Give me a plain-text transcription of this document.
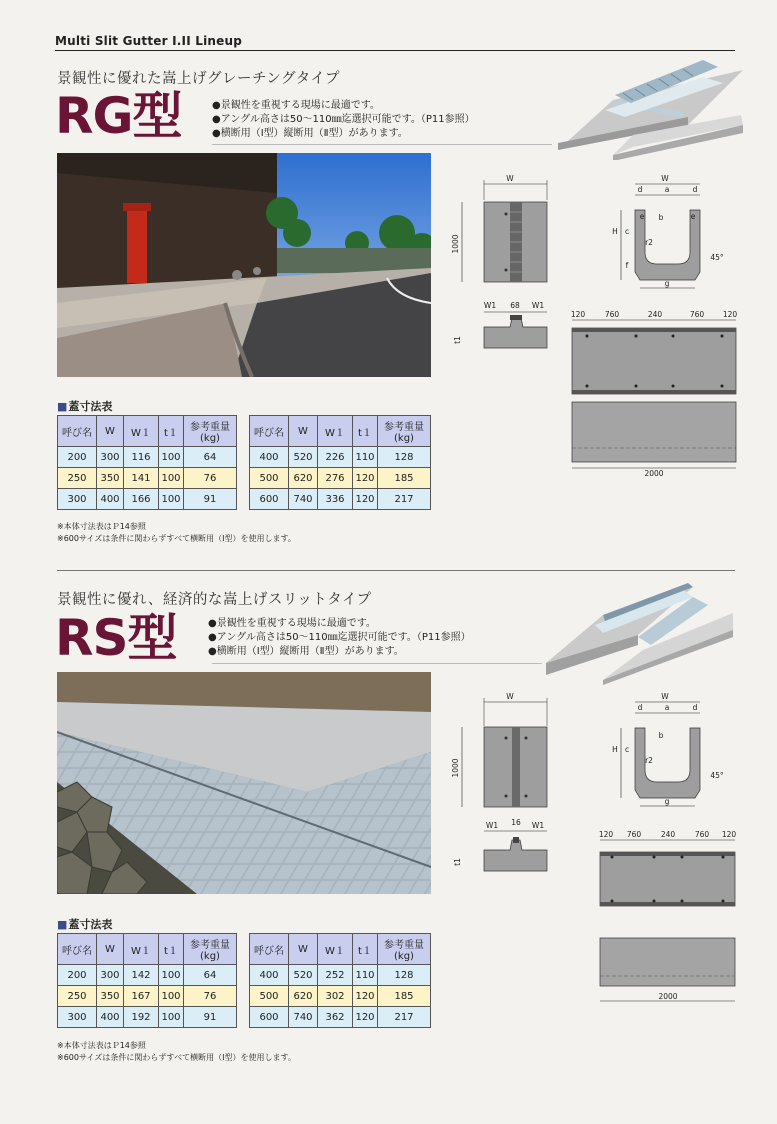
Multi Slit Gutter I.II Lineup
景観性に優れた嵩上げグレーチングタイプ
RG型	●景観性を重視する現場に最適です。
●アングル高さは50～110㎜迄選択可能です。（P11参照）
●横断用（Ⅰ型）縦断用（Ⅱ型）があります。
W
1000
W1 68 W1
t1
W
d	a	d
e	e
b
r2
H c
f
45°
g
120	760	240	760 120
2000
■ 蓋寸法表
呼び名	W	W１	t１	参考重量(kg)
200	300	116	100	64
250	350	141	100	76
300	400	166	100	91
呼び名	W	W１	t１	参考重量(kg)
400	520	226	110	128
500	620	276	120	185
600	740	336	120	217
※本体寸法表はＰ14参照
※600サイズは条件に関わらずすべて横断用（Ⅰ型）を使用します。
景観性に優れ、経済的な嵩上げスリットタイプ
RS型	●景観性を重視する現場に最適です。
●アングル高さは50～110㎜迄選択可能です。（P11参照）
●横断用（Ⅰ型）縦断用（Ⅱ型）があります。
W
1000
W1 16 W1
t1
W
d	a	d
b
r2
H c
45°
g
120 760	240	760 120
2000
■ 蓋寸法表
呼び名	W	W１	t１	参考重量(kg)
200	300	142	100	64
250	350	167	100	76
300	400	192	100	91
呼び名	W	W１	t１	参考重量(kg)
400	520	252	110	128
500	620	302	120	185
600	740	362	120	217
※本体寸法表はＰ14参照
※600サイズは条件に関わらずすべて横断用（Ⅰ型）を使用します。
